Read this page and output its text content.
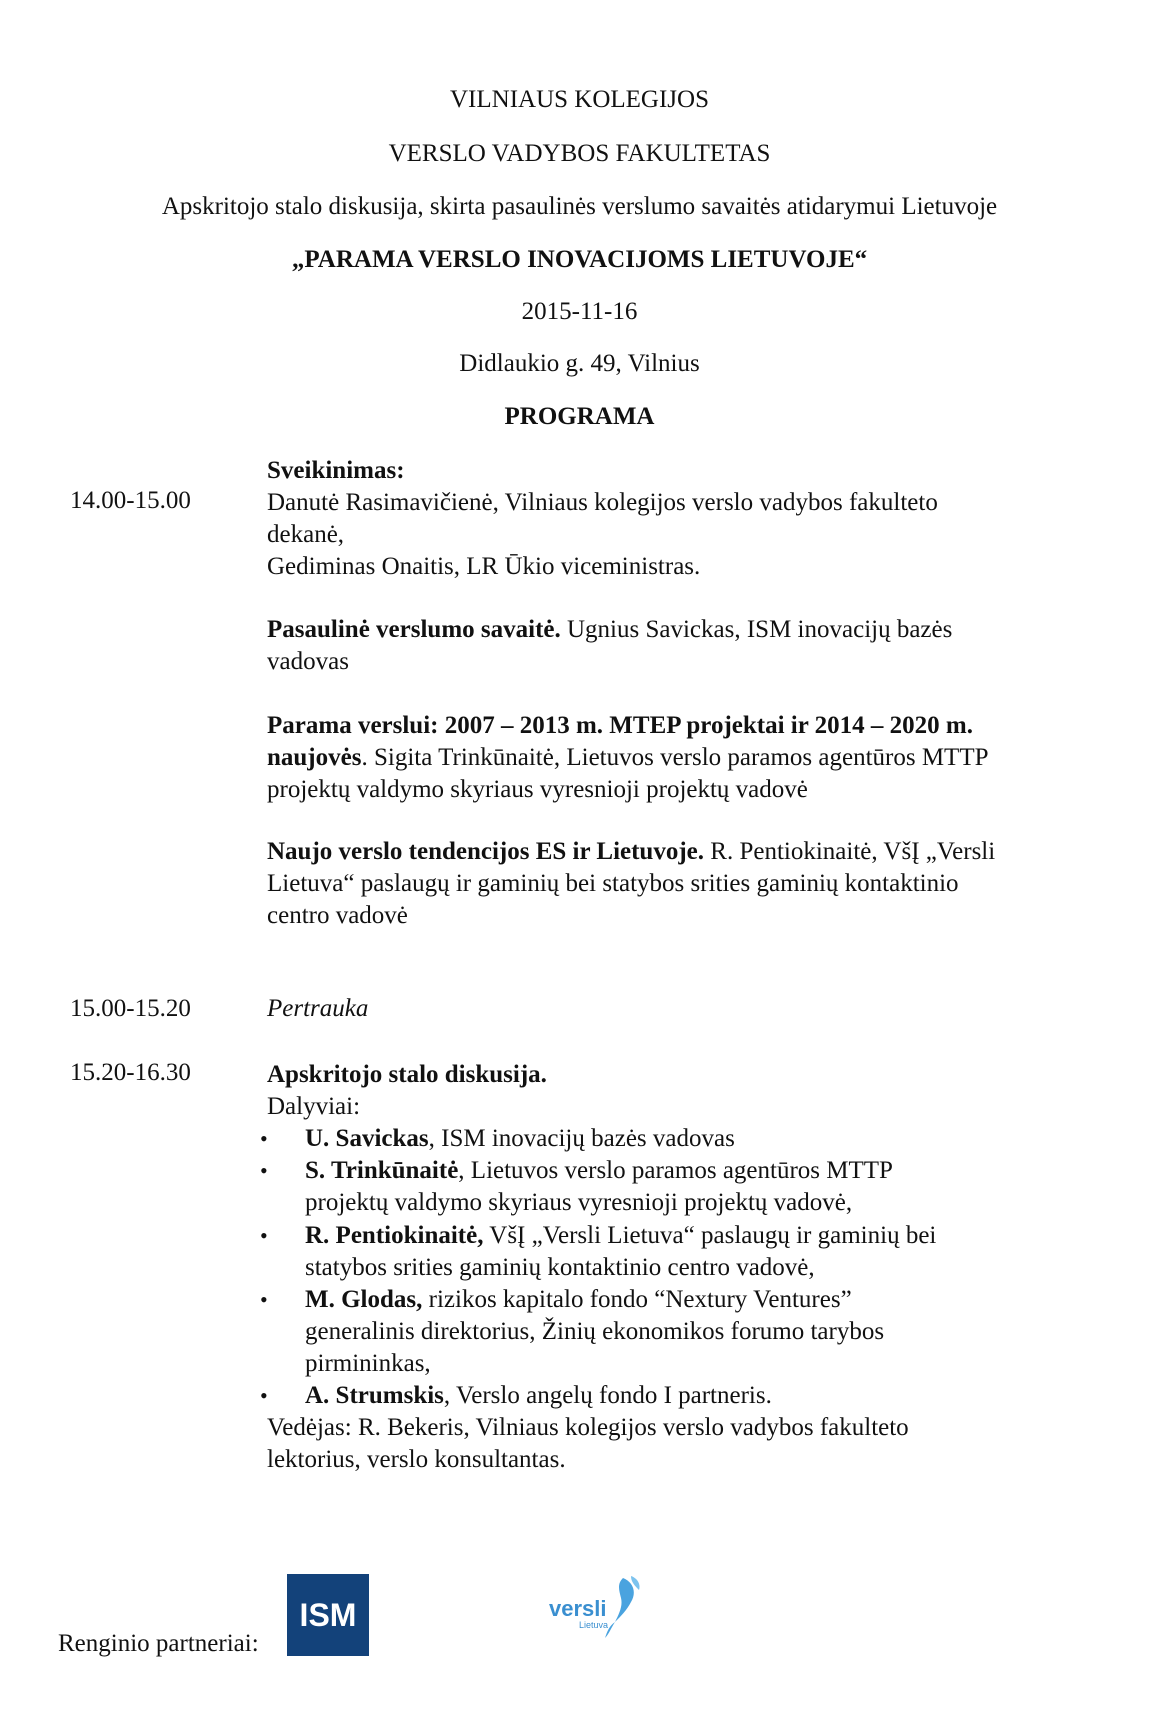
VILNIAUS KOLEGIJOS
VERSLO VADYBOS FAKULTETAS
Apskritojo stalo diskusija, skirta pasaulinės verslumo savaitės atidarymui Lietuvoje
„PARAMA VERSLO INOVACIJOMS LIETUVOJE“
2015-11-16
Didlaukio g. 49, Vilnius
PROGRAMA
14.00-15.00

Sveikinimas:

Danutė Rasimavičienė, Vilniaus kolegijos verslo vadybos fakulteto

dekanė,

Gediminas Onaitis, LR Ūkio viceministras.

Pasaulinė verslumo savaitė. Ugnius Savickas, ISM inovacijų bazės

vadovas

Parama verslui: 2007 – 2013 m. MTEP projektai ir 2014 – 2020 m.

naujovės. Sigita Trinkūnaitė, Lietuvos verslo paramos agentūros MTTP

projektų valdymo skyriaus vyresnioji projektų vadovė

Naujo verslo tendencijos ES ir Lietuvoje. R. Pentiokinaitė, VšĮ „Versli

Lietuva“ paslaugų ir gaminių bei statybos srities gaminių kontaktinio

centro vadovė

15.00-15.20	Pertrauka
15.20-16.30	Apskritojo stalo diskusija.

Dalyviai:

• U. Savickas, ISM inovacijų bazės vadovas

• S. Trinkūnaitė, Lietuvos verslo paramos agentūros MTTP

projektų valdymo skyriaus vyresnioji projektų vadovė,

• R. Pentiokinaitė, VšĮ „Versli Lietuva“ paslaugų ir gaminių bei

statybos srities gaminių kontaktinio centro vadovė,

• M. Glodas, rizikos kapitalo fondo “Nextury Ventures”

generalinis direktorius, Žinių ekonomikos forumo tarybos

pirmininkas,

• A. Strumskis, Verslo angelų fondo I partneris.

Vedėjas: R. Bekeris, Vilniaus kolegijos verslo vadybos fakulteto

lektorius, verslo konsultantas.

Renginio partneriai:
ISM	versli
Lietuva
